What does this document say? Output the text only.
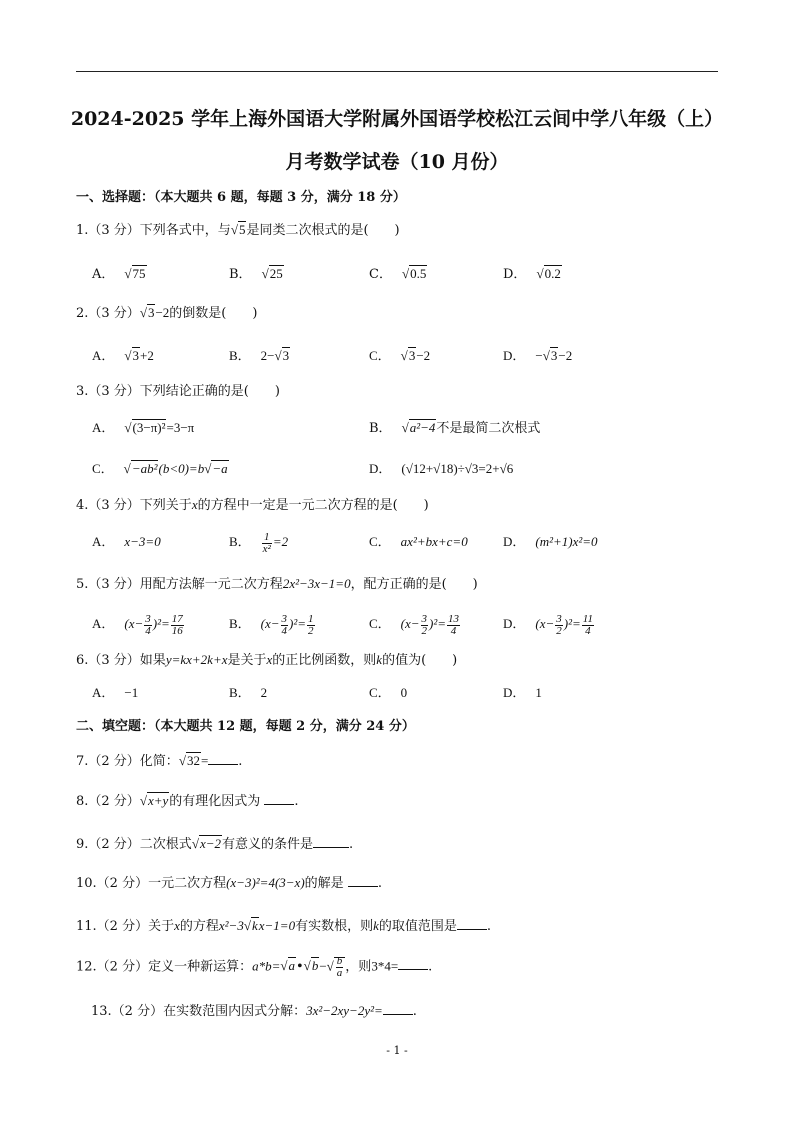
2024-2025 学年上海外国语大学附属外国语学校松江云间中学八年级（上）
月考数学试卷（10 月份）
一、选择题：（本大题共 6 题，每题 3 分，满分 18 分）
1.（3 分）下列各式中，与√5是同类二次根式的是(　　)
A． √75	B． √25	C． √0.5	D． √0.2
2.（3 分）√3−2的倒数是(　　)
A． √3+2	B． 2−√3	C． √3−2	D． −√3−2
3.（3 分）下列结论正确的是(　　)
A． √(3−π)²=3−π	B． √a²−4不是最简二次根式
C． √−ab²(b<0)=b√−a	D． (√12+√18)÷√3=2+√6
4.（3 分）下列关于x的方程中一定是一元二次方程的是(　　)
A． x−3=0	B． $\frac{1}{\text{x²}} =2$	C． ax²+bx+c=0	D． (m²+1)x²=0
5.（3 分）用配方法解一元二次方程2x²−3x−1=0，配方正确的是(　　)
A． $(x- \frac{3}{4} )^2= \frac{17}{16}$	B． $(x- \frac{3}{4} )^2= \frac{1}{2}$	C． $(x- \frac{3}{2} )^2= \frac{13}{4}$	D． $(x- \frac{3}{2} )^2= \frac{11}{4}$
6.（3 分）如果y=kx+2k+x是关于x的正比例函数，则k的值为(　　)
A． −1	B． 2	C． 0	D． 1
二、填空题：（本大题共 12 题，每题 2 分，满分 24 分）
7.（2 分）化简：√32= .
8.（2 分）√x+y的有理化因式为	.
9.（2 分）二次根式√x−2有意义的条件是	.
10.（2 分）一元二次方程(x−3)²=4(3−x)的解是	.
11.（2 分）关于x的方程x²−3√kx−1=0有实数根，则k的取值范围是 .
12.（2 分）定义一种新运算：a*b=√a•√b−√ $\frac{b}{a}$ ，则3*4= .
13.（2 分）在实数范围内因式分解：3x²−2xy−2y²= .
- 1 -
